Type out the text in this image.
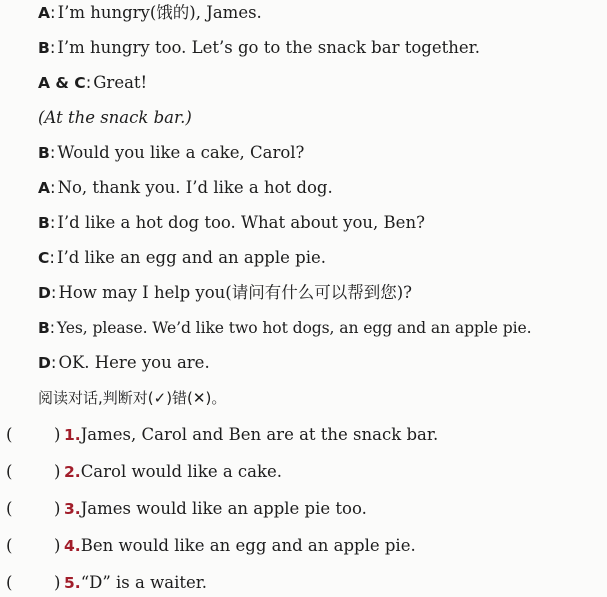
A: I’m hungry(饿的), James.
B: I’m hungry too. Let’s go to the snack bar together.
A & C: Great!
(At the snack bar.)
B: Would you like a cake, Carol?
A: No, thank you. I’d like a hot dog.
B: I’d like a hot dog too. What about you, Ben?
C: I’d like an egg and an apple pie.
D: How may I help you(请问有什么可以帮到您)?
B: Yes, please. We’d like two hot dogs, an egg and an apple pie.
D: OK. Here you are.
阅读对话,判断对(✓)错(✕)。
(	) 1.James, Carol and Ben are at the snack bar.
(	) 2.Carol would like a cake.
(	) 3.James would like an apple pie too.
(	) 4.Ben would like an egg and an apple pie.
(	) 5.“D” is a waiter.
